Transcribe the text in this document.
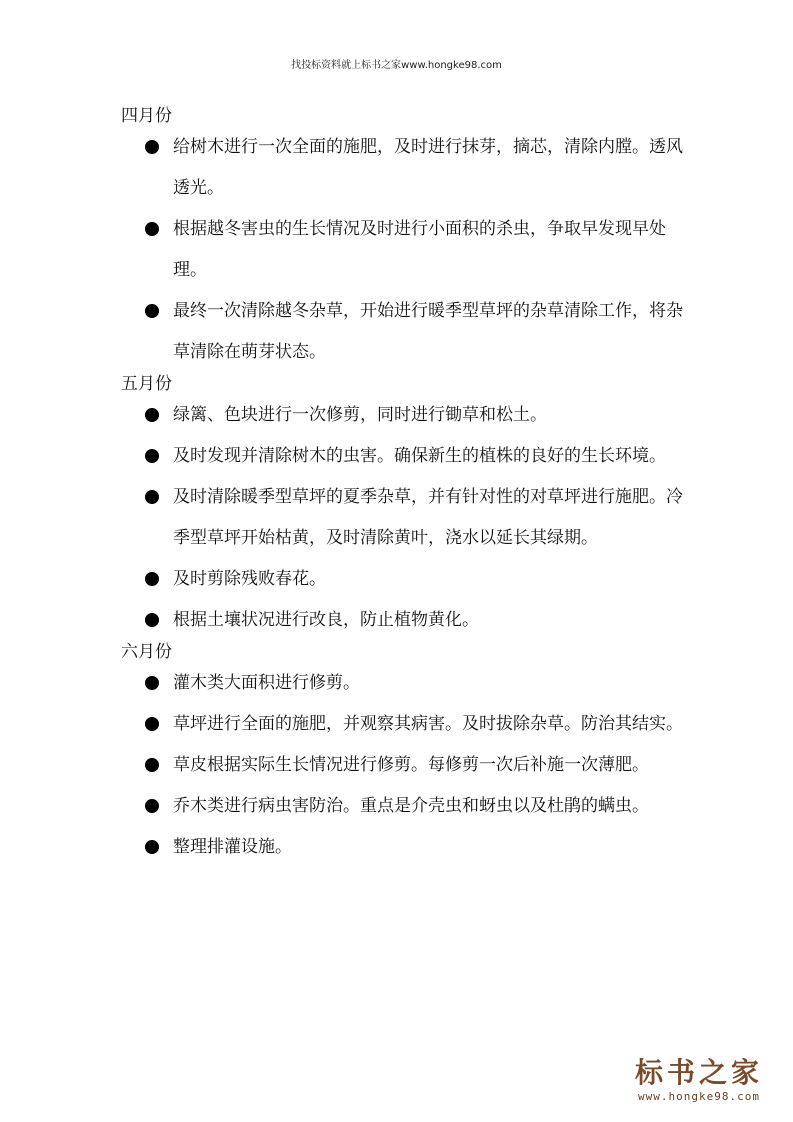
找投标资料就上标书之家www.hongke98.com
四月份
给树木进行一次全面的施肥，及时进行抹芽，摘芯，清除内膛。透风透光。
根据越冬害虫的生长情况及时进行小面积的杀虫，争取早发现早处理。
最终一次清除越冬杂草，开始进行暖季型草坪的杂草清除工作，将杂草清除在萌芽状态。
五月份
绿篱、色块进行一次修剪，同时进行锄草和松土。
及时发现并清除树木的虫害。确保新生的植株的良好的生长环境。
及时清除暖季型草坪的夏季杂草，并有针对性的对草坪进行施肥。冷季型草坪开始枯黄，及时清除黄叶，浇水以延长其绿期。
及时剪除残败春花。
根据土壤状况进行改良，防止植物黄化。
六月份
灌木类大面积进行修剪。
草坪进行全面的施肥，并观察其病害。及时拔除杂草。防治其结实。
草皮根据实际生长情况进行修剪。每修剪一次后补施一次薄肥。
乔木类进行病虫害防治。重点是介壳虫和蚜虫以及杜鹃的螨虫。
整理排灌设施。
标书之家
www.hongke98.com
